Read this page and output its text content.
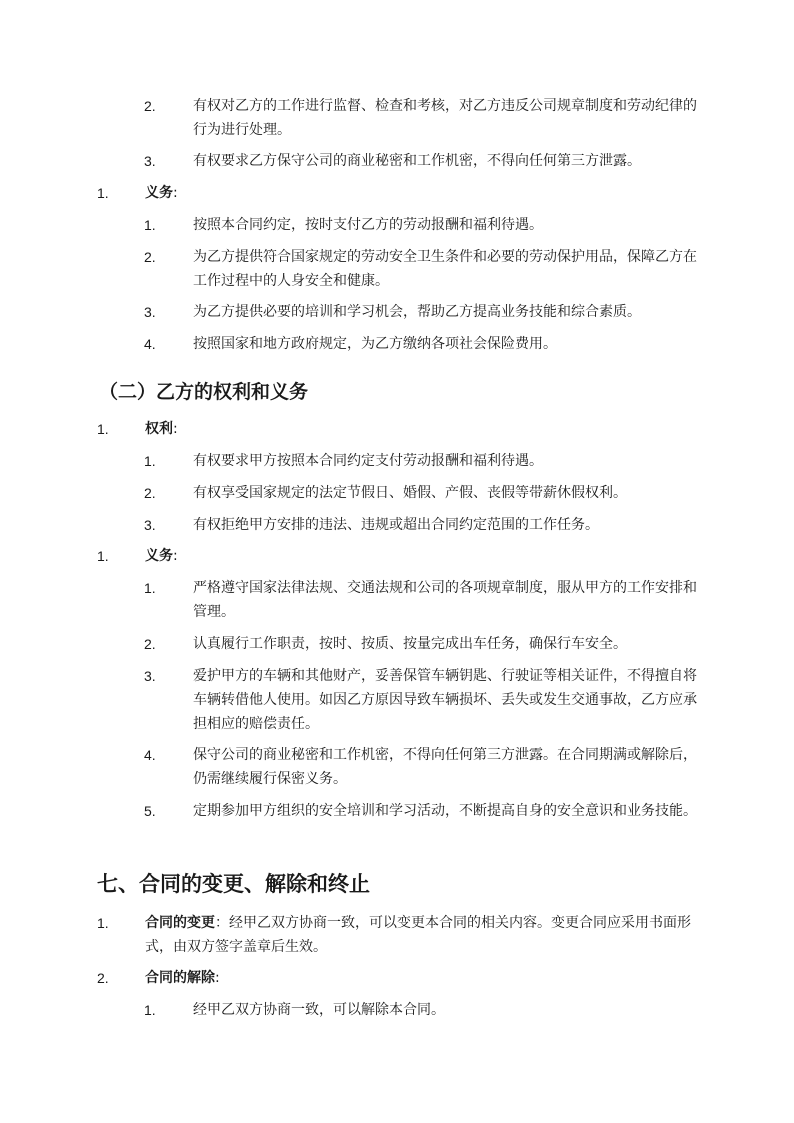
2.	有权对乙方的工作进行监督、检查和考核，对乙方违反公司规章制度和劳动纪律的行为进行处理。
3.	有权要求乙方保守公司的商业秘密和工作机密，不得向任何第三方泄露。
1.	义务:
1.	按照本合同约定，按时支付乙方的劳动报酬和福利待遇。
2.	为乙方提供符合国家规定的劳动安全卫生条件和必要的劳动保护用品，保障乙方在工作过程中的人身安全和健康。
3.	为乙方提供必要的培训和学习机会，帮助乙方提高业务技能和综合素质。
4.	按照国家和地方政府规定，为乙方缴纳各项社会保险费用。
（二）乙方的权利和义务
1.	权利:
1.	有权要求甲方按照本合同约定支付劳动报酬和福利待遇。
2.	有权享受国家规定的法定节假日、婚假、产假、丧假等带薪休假权利。
3.	有权拒绝甲方安排的违法、违规或超出合同约定范围的工作任务。
1.	义务:
1.	严格遵守国家法律法规、交通法规和公司的各项规章制度，服从甲方的工作安排和管理。
2.	认真履行工作职责，按时、按质、按量完成出车任务，确保行车安全。
3.	爱护甲方的车辆和其他财产，妥善保管车辆钥匙、行驶证等相关证件，不得擅自将车辆转借他人使用。如因乙方原因导致车辆损坏、丢失或发生交通事故，乙方应承担相应的赔偿责任。
4.	保守公司的商业秘密和工作机密，不得向任何第三方泄露。在合同期满或解除后，仍需继续履行保密义务。
5.	定期参加甲方组织的安全培训和学习活动，不断提高自身的安全意识和业务技能。
七、合同的变更、解除和终止
1.	合同的变更：经甲乙双方协商一致，可以变更本合同的相关内容。变更合同应采用书面形式，由双方签字盖章后生效。
2.	合同的解除:
1.	经甲乙双方协商一致，可以解除本合同。
